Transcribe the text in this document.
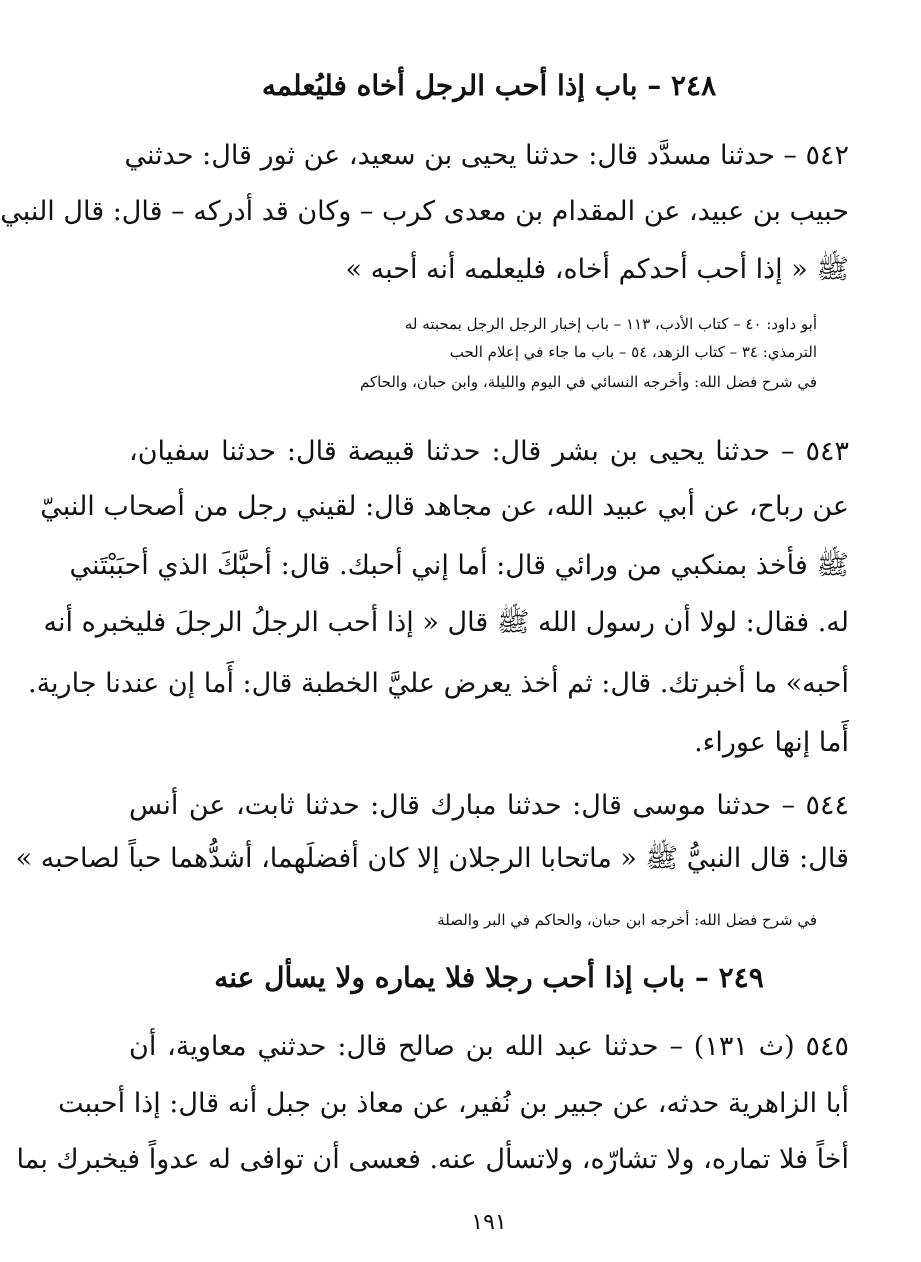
٢٤٨ – باب إذا أحب الرجل أخاه فليُعلمه
٥٤٢ – حدثنا مسدَّد قال: حدثنا يحيى بن سعيد، عن ثور قال: حدثني
حبيب بن عبيد، عن المقدام بن معدى كرب – وكان قد أدركه – قال: قال النبي
ﷺ « إذا أحب أحدكم أخاه، فليعلمه أنه أحبه »
أبو داود: ٤٠ – كتاب الأدب، ١١٣ – باب إخبار الرجل الرجل بمحبته له
الترمذي: ٣٤ – كتاب الزهد، ٥٤ – باب ما جاء في إعلام الحب
في شرح فضل الله: وأخرجه النسائي في اليوم والليلة، وابن حبان، والحاكم
٥٤٣ – حدثنا يحيى بن بشر قال: حدثنا قبيصة قال: حدثنا سفيان،
عن رباح، عن أبي عبيد الله، عن مجاهد قال: لقيني رجل من أصحاب النبيّ
ﷺ فأخذ بمنكبي من ورائي قال: أما إني أحبك. قال: أحبَّكَ الذي أحبَبْتَني
له. فقال: لولا أن رسول الله ﷺ قال « إذا أحب الرجلُ الرجلَ فليخبره أنه
أحبه» ما أخبرتك. قال: ثم أخذ يعرض عليَّ الخطبة قال: أَما إن عندنا جارية.
أَما إنها عوراء.
٥٤٤ – حدثنا موسى قال: حدثنا مبارك قال: حدثنا ثابت، عن أنس
قال: قال النبيُّ ﷺ « ماتحابا الرجلان إلا كان أفضلَهما، أشدُّهما حباً لصاحبه »
في شرح فضل الله: أخرجه ابن حبان، والحاكم في البر والصلة
٢٤٩ – باب إذا أحب رجلا فلا يماره ولا يسأل عنه
٥٤٥ (ث ١٣١) – حدثنا عبد الله بن صالح قال: حدثني معاوية، أن
أبا الزاهرية حدثه، عن جبير بن نُفير، عن معاذ بن جبل أنه قال: إذا أحببت
أخاً فلا تماره، ولا تشارّه، ولاتسأل عنه. فعسى أن توافى له عدواً فيخبرك بما
١٩١
